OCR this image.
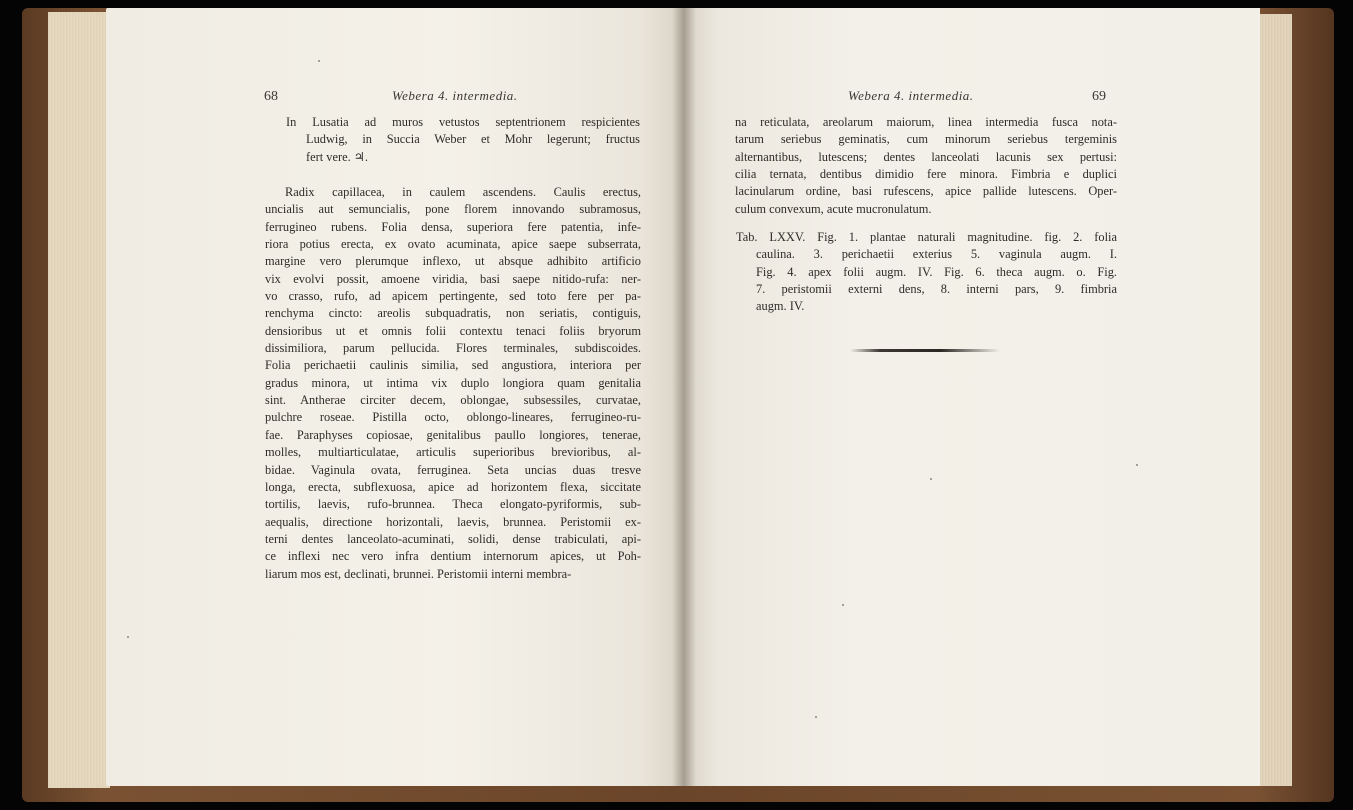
68	Webera 4. intermedia.
In Lusatia ad muros vetustos septentrionem respicientes
Ludwig, in Succia Weber et Mohr legerunt; fructus
fert vere. ♃.
Radix capillacea, in caulem ascendens. Caulis erectus,
uncialis aut semuncialis, pone florem innovando subramosus,
ferrugineo rubens. Folia densa, superiora fere patentia, infe-
riora potius erecta, ex ovato acuminata, apice saepe subserrata,
margine vero plerumque inflexo, ut absque adhibito artificio
vix evolvi possit, amoene viridia, basi saepe nitido-rufa: ner-
vo crasso, rufo, ad apicem pertingente, sed toto fere per pa-
renchyma cincto: areolis subquadratis, non seriatis, contiguis,
densioribus ut et omnis folii contextu tenaci foliis bryorum
dissimiliora, parum pellucida. Flores terminales, subdiscoides.
Folia perichaetii caulinis similia, sed angustiora, interiora per
gradus minora, ut intima vix duplo longiora quam genitalia
sint. Antherae circiter decem, oblongae, subsessiles, curvatae,
pulchre roseae. Pistilla octo, oblongo-lineares, ferrugineo-ru-
fae. Paraphyses copiosae, genitalibus paullo longiores, tenerae,
molles, multiarticulatae, articulis superioribus brevioribus, al-
bidae. Vaginula ovata, ferruginea. Seta uncias duas tresve
longa, erecta, subflexuosa, apice ad horizontem flexa, siccitate
tortilis, laevis, rufo-brunnea. Theca elongato-pyriformis, sub-
aequalis, directione horizontali, laevis, brunnea. Peristomii ex-
terni dentes lanceolato-acuminati, solidi, dense trabiculati, api-
ce inflexi nec vero infra dentium internorum apices, ut Poh-
liarum mos est, declinati, brunnei. Peristomii interni membra-
Webera 4. intermedia.	69
na reticulata, areolarum maiorum, linea intermedia fusca nota-
tarum seriebus geminatis, cum minorum seriebus tergeminis
alternantibus, lutescens; dentes lanceolati lacunis sex pertusi:
cilia ternata, dentibus dimidio fere minora. Fimbria e duplici
lacinularum ordine, basi rufescens, apice pallide lutescens. Oper-
culum convexum, acute mucronulatum.
Tab. LXXV. Fig. 1. plantae naturali magnitudine. fig. 2. folia
caulina. 3. perichaetii exterius 5. vaginula augm. I.
Fig. 4. apex folii augm. IV. Fig. 6. theca augm. o. Fig.
7. peristomii externi dens, 8. interni pars, 9. fimbria
augm. IV.
